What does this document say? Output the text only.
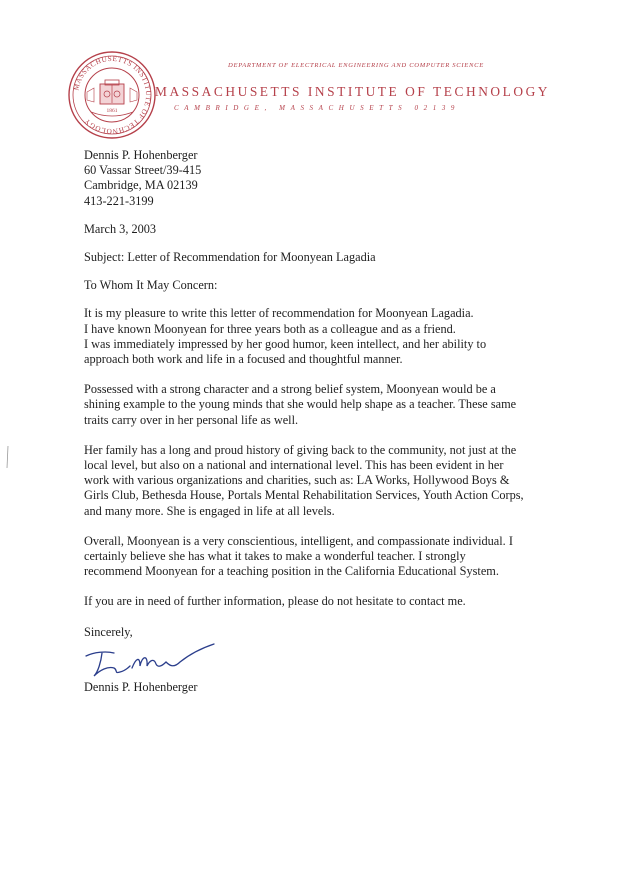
MASSACHUSETTS INSTITUTE OF TECHNOLOGY
1861
DEPARTMENT OF ELECTRICAL ENGINEERING AND COMPUTER SCIENCE
MASSACHUSETTS INSTITUTE OF TECHNOLOGY
CAMBRIDGE, MASSACHUSETTS 02139

Dennis P. Hohenberger
60 Vassar Street/39-415
Cambridge, MA 02139
413-221-3199

March 3, 2003

Subject: Letter of Recommendation for Moonyean Lagadia

To Whom It May Concern:

It is my pleasure to write this letter of recommendation for Moonyean Lagadia.
I have known Moonyean for three years both as a colleague and as a friend.
I was immediately impressed by her good humor, keen intellect, and her ability to
approach both work and life in a focused and thoughtful manner.

Possessed with a strong character and a strong belief system, Moonyean would be a
shining example to the young minds that she would help shape as a teacher. These same
traits carry over in her personal life as well.

Her family has a long and proud history of giving back to the community, not just at the
local level, but also on a national and international level. This has been evident in her
work with various organizations and charities, such as: LA Works, Hollywood Boys &
Girls Club, Bethesda House, Portals Mental Rehabilitation Services, Youth Action Corps,
and many more. She is engaged in life at all levels.

Overall, Moonyean is a very conscientious, intelligent, and compassionate individual. I
certainly believe she has what it takes to make a wonderful teacher. I strongly
recommend Moonyean for a teaching position in the California Educational System.

If you are in need of further information, please do not hesitate to contact me.

Sincerely,

Dennis P. Hohenberger
